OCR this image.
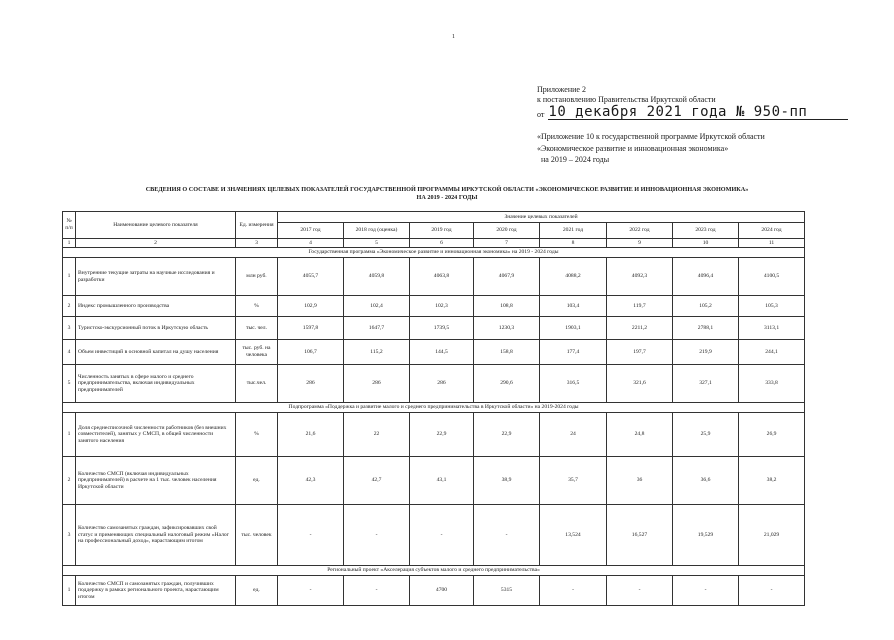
1
Приложение 2
к постановлению Правительства Иркутской области
от 10 декабря 2021 года № 950-пп
«Приложение 10 к государственной программе Иркутской области
«Экономическое развитие и инновационная экономика»
на 2019 – 2024 годы
СВЕДЕНИЯ О СОСТАВЕ И ЗНАЧЕНИЯХ ЦЕЛЕВЫХ ПОКАЗАТЕЛЕЙ ГОСУДАРСТВЕННОЙ ПРОГРАММЫ ИРКУТСКОЙ ОБЛАСТИ «ЭКОНОМИЧЕСКОЕ РАЗВИТИЕ И ИННОВАЦИОННАЯ ЭКОНОМИКА»
НА 2019 - 2024 ГОДЫ
№ п/п	Наименование целевого показателя	Ед. измерения	Значение целевых показателей							
			2017 год	2018 год (оценка)	2019 год	2020 год	2021 год	2022 год	2023 год	2024 год
1	2	3	4	5	6	7	8	9	10	11
Государственная программа «Экономическое развитие и инновационная экономика» на 2019 - 2024 годы										
1	Внутренние текущие затраты на научные исследования и разработки	млн руб.	4055,7	4059,8	4063,8	4067,9	4088,2	4092,3	4096,4	4100,5
2	Индекс промышленного производства	%	102,9	102,4	102,3	108,8	103,4	119,7	105,2	105,3
3	Туристско-экскурсионный поток в Иркутскую область	тыс. чел.	1597,8	1647,7	1739,5	1230,3	1903,1	2211,2	2788,1	3113,1
4	Объем инвестиций в основной капитал на душу населения	тыс. руб. на человека	106,7	115,2	144,5	158,8	177,4	197,7	219,9	244,1
5	Численность занятых в сфере малого и среднего предпринимательства, включая индивидуальных предпринимателей	тыс.чел.	286	286	286	290,6	316,5	321,6	327,1	333,8
Подпрограмма «Поддержка и развитие малого и среднего предпринимательства в Иркутской области» на 2019-2024 годы										
1	Доля среднесписочной численности работников (без внешних совместителей), занятых у СМСП, в общей численности занятого населения	%	21,6	22	22,9	22,9	24	24,8	25,9	26,9
2	Количество СМСП (включая индивидуальных предпринимателей) в расчете на 1 тыс. человек населения Иркутской области	ед.	42,3	42,7	43,1	38,9	35,7	36	36,6	38,2
3	Количество самозанятых граждан, зафиксировавших свой статус и применяющих специальный налоговый режим «Налог на профессиональный доход», нарастающим итогом	тыс. человек	-	-	-	-	13,524	16,527	19,529	21,029
Региональный проект «Акселерация субъектов малого и среднего предпринимательства»										
1	Количество СМСП и самозанятых граждан, получивших поддержку в рамках регионального проекта, нарастающим итогом	ед.	-	-	4700	5315	-	-	-	-
